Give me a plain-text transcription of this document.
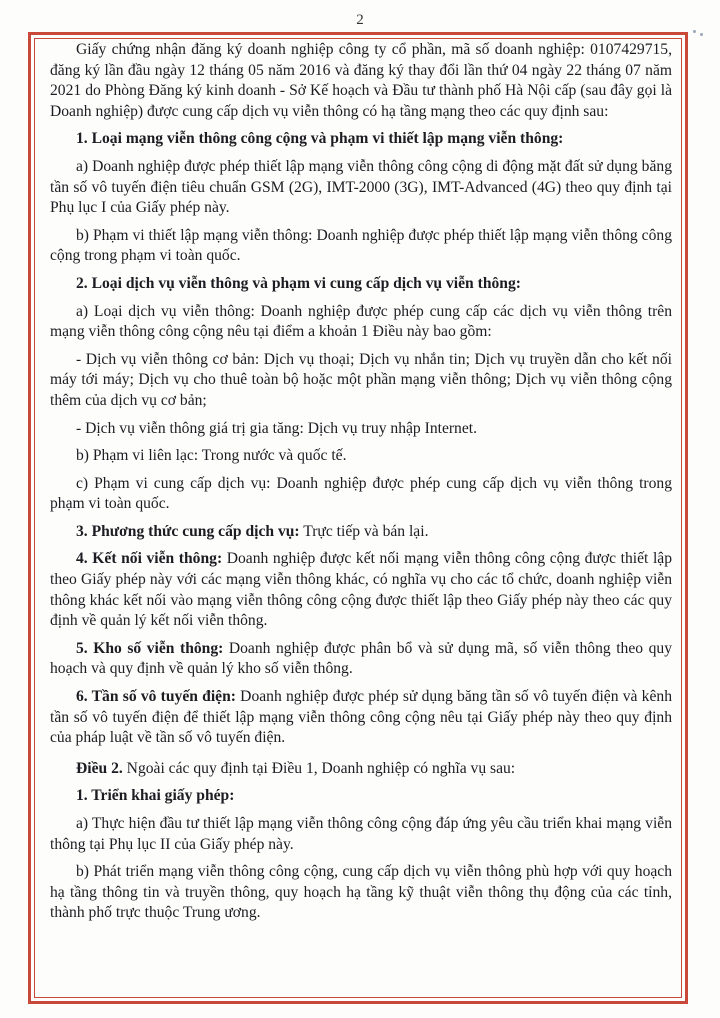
2

Giấy chứng nhận đăng ký doanh nghiệp công ty cổ phần, mã số doanh nghiệp: 0107429715, đăng ký lần đầu ngày 12 tháng 05 năm 2016 và đăng ký thay đổi lần thứ 04 ngày 22 tháng 07 năm 2021 do Phòng Đăng ký kinh doanh - Sở Kế hoạch và Đầu tư thành phố Hà Nội cấp (sau đây gọi là Doanh nghiệp) được cung cấp dịch vụ viễn thông có hạ tầng mạng theo các quy định sau:

1. Loại mạng viễn thông công cộng và phạm vi thiết lập mạng viễn thông:

a) Doanh nghiệp được phép thiết lập mạng viễn thông công cộng di động mặt đất sử dụng băng tần số vô tuyến điện tiêu chuẩn GSM (2G), IMT-2000 (3G), IMT-Advanced (4G) theo quy định tại Phụ lục I của Giấy phép này.

b) Phạm vi thiết lập mạng viễn thông: Doanh nghiệp được phép thiết lập mạng viễn thông công cộng trong phạm vi toàn quốc.

2. Loại dịch vụ viễn thông và phạm vi cung cấp dịch vụ viễn thông:

a) Loại dịch vụ viễn thông: Doanh nghiệp được phép cung cấp các dịch vụ viễn thông trên mạng viễn thông công cộng nêu tại điểm a khoản 1 Điều này bao gồm:

- Dịch vụ viễn thông cơ bản: Dịch vụ thoại; Dịch vụ nhắn tin; Dịch vụ truyền dẫn cho kết nối máy tới máy; Dịch vụ cho thuê toàn bộ hoặc một phần mạng viễn thông; Dịch vụ viễn thông cộng thêm của dịch vụ cơ bản;

- Dịch vụ viễn thông giá trị gia tăng: Dịch vụ truy nhập Internet.

b) Phạm vi liên lạc: Trong nước và quốc tế.

c) Phạm vi cung cấp dịch vụ: Doanh nghiệp được phép cung cấp dịch vụ viễn thông trong phạm vi toàn quốc.

3. Phương thức cung cấp dịch vụ: Trực tiếp và bán lại.

4. Kết nối viễn thông: Doanh nghiệp được kết nối mạng viễn thông công cộng được thiết lập theo Giấy phép này với các mạng viễn thông khác, có nghĩa vụ cho các tổ chức, doanh nghiệp viễn thông khác kết nối vào mạng viễn thông công cộng được thiết lập theo Giấy phép này theo các quy định về quản lý kết nối viễn thông.

5. Kho số viễn thông: Doanh nghiệp được phân bổ và sử dụng mã, số viễn thông theo quy hoạch và quy định về quản lý kho số viễn thông.

6. Tần số vô tuyến điện: Doanh nghiệp được phép sử dụng băng tần số vô tuyến điện và kênh tần số vô tuyến điện để thiết lập mạng viễn thông công cộng nêu tại Giấy phép này theo quy định của pháp luật về tần số vô tuyến điện.

Điều 2. Ngoài các quy định tại Điều 1, Doanh nghiệp có nghĩa vụ sau:

1. Triển khai giấy phép:

a) Thực hiện đầu tư thiết lập mạng viễn thông công cộng đáp ứng yêu cầu triển khai mạng viễn thông tại Phụ lục II của Giấy phép này.

b) Phát triển mạng viễn thông công cộng, cung cấp dịch vụ viễn thông phù hợp với quy hoạch hạ tầng thông tin và truyền thông, quy hoạch hạ tầng kỹ thuật viễn thông thụ động của các tỉnh, thành phố trực thuộc Trung ương.
